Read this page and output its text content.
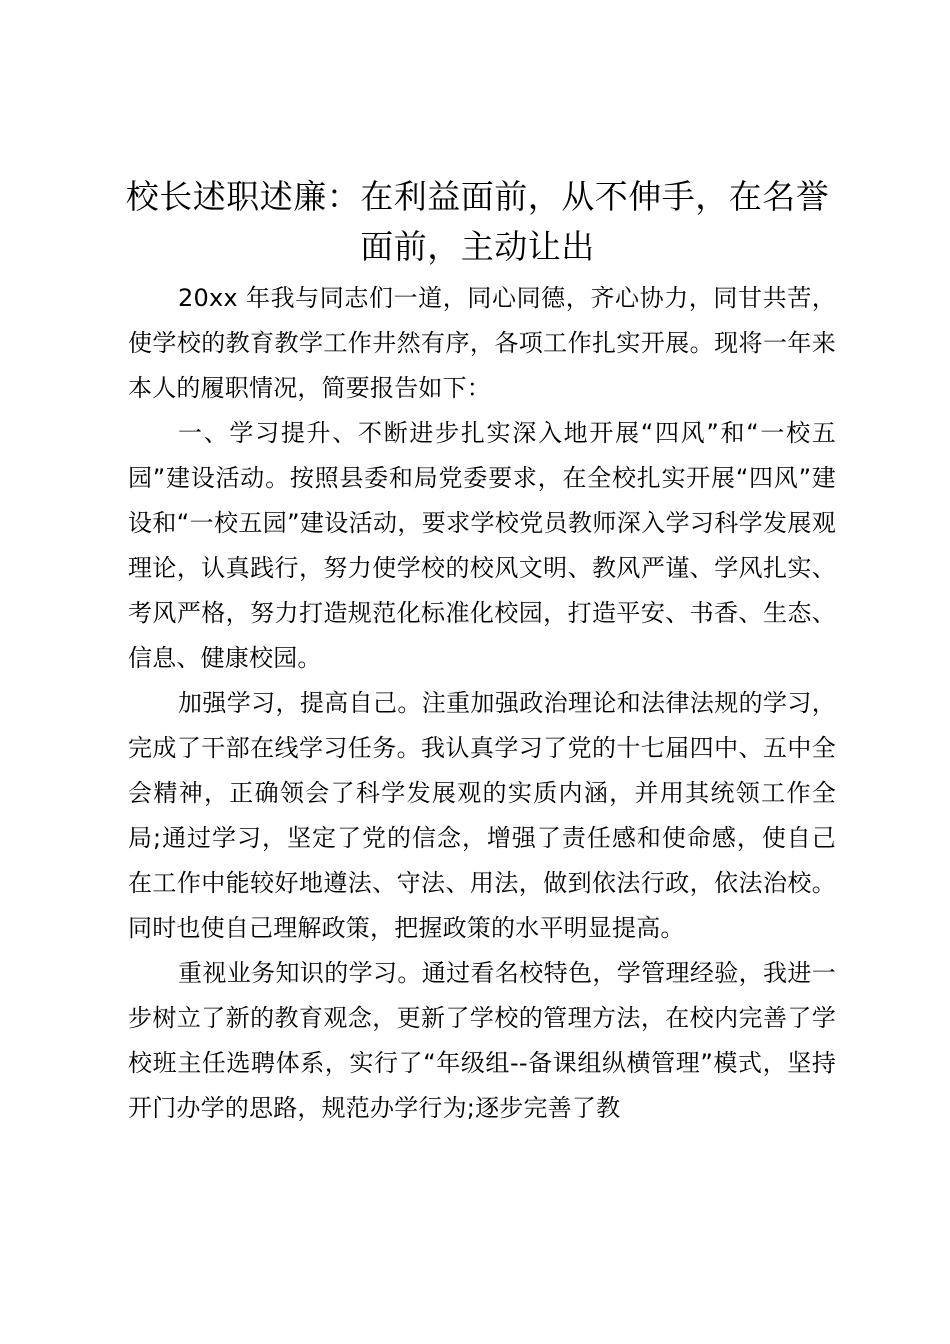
校长述职述廉：在利益面前，从不伸手，在名誉面前，主动让出

20xx 年我与同志们一道，同心同德，齐心协力，同甘共苦，使学校的教育教学工作井然有序，各项工作扎实开展。现将一年来本人的履职情况，简要报告如下：

一、学习提升、不断进步扎实深入地开展“四风”和“一校五园”建设活动。按照县委和局党委要求，在全校扎实开展“四风”建设和“一校五园”建设活动，要求学校党员教师深入学习科学发展观理论，认真践行，努力使学校的校风文明、教风严谨、学风扎实、考风严格，努力打造规范化标准化校园，打造平安、书香、生态、信息、健康校园。

加强学习，提高自己。注重加强政治理论和法律法规的学习，完成了干部在线学习任务。我认真学习了党的十七届四中、五中全会精神，正确领会了科学发展观的实质内涵，并用其统领工作全局;通过学习，坚定了党的信念，增强了责任感和使命感，使自己在工作中能较好地遵法、守法、用法，做到依法行政，依法治校。同时也使自己理解政策，把握政策的水平明显提高。

重视业务知识的学习。通过看名校特色，学管理经验，我进一步树立了新的教育观念，更新了学校的管理方法，在校内完善了学校班主任选聘体系，实行了“年级组--备课组纵横管理”模式，坚持开门办学的思路，规范办学行为;逐步完善了教
